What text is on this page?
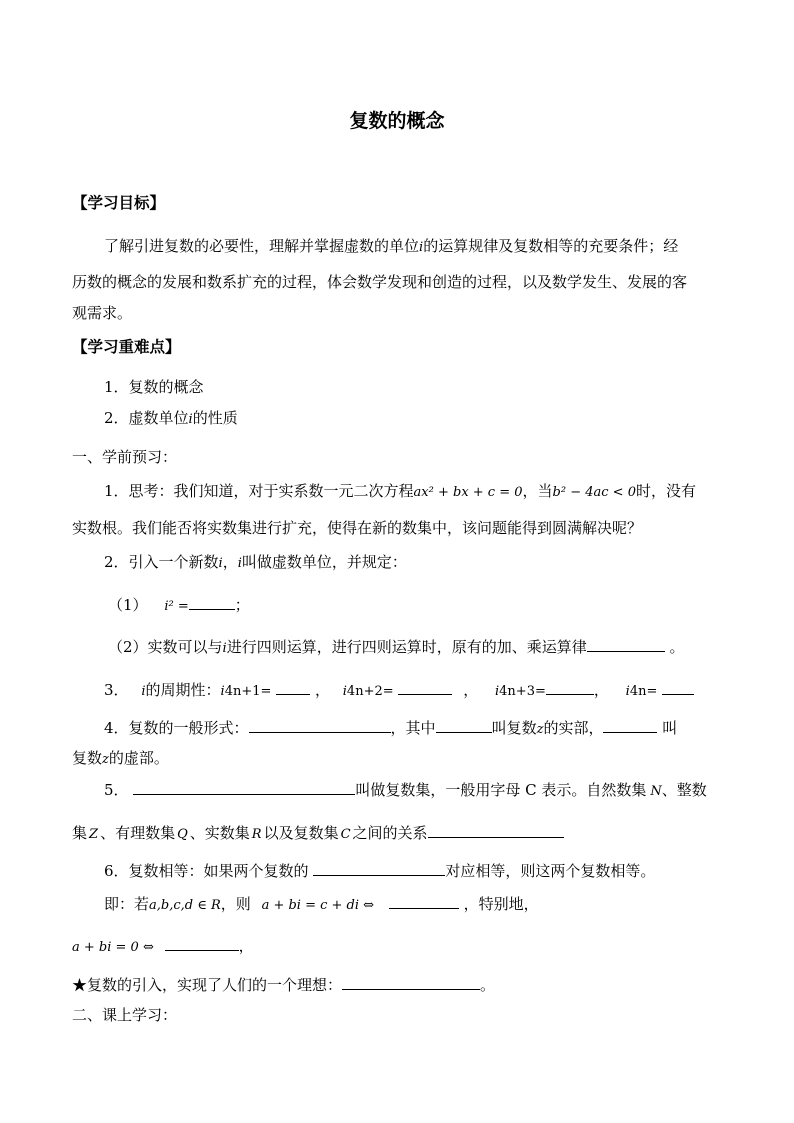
复数的概念
【学习目标】
了解引进复数的必要性，理解并掌握虚数的单位i的运算规律及复数相等的充要条件；经
历数的概念的发展和数系扩充的过程，体会数学发现和创造的过程，以及数学发生、发展的客
观需求。
【学习重难点】
1．复数的概念
2．虚数单位i的性质
一、学前预习：
1．思考：我们知道，对于实系数一元二次方程ax² + bx + c = 0，当b² − 4ac < 0时，没有
实数根。我们能否将实数集进行扩充，使得在新的数集中，该问题能得到圆满解决呢？
2．引入一个新数i，i叫做虚数单位，并规定：
（1） i² =	；
（2）实数可以与i进行四则运算，进行四则运算时，原有的加、乘运算律	。
3． i的周期性：i4n+1=	， i4n+2=	， i4n+3=	， i4n=
4．复数的一般形式：	，其中	叫复数z的实部，	叫
复数z的虚部。
5．	叫做复数集，一般用字母 C 表示。自然数集 N、整数
集 Z 、有理数集 Q 、实数集 R 以及复数集 C 之间的关系
6．复数相等：如果两个复数的	对应相等，则这两个复数相等。
即：若a,b,c,d ∈ R，则 a + bi = c + di ⇔	，特别地，
a + bi = 0 ⇔	，
★复数的引入，实现了人们的一个理想：	。
二、课上学习：
